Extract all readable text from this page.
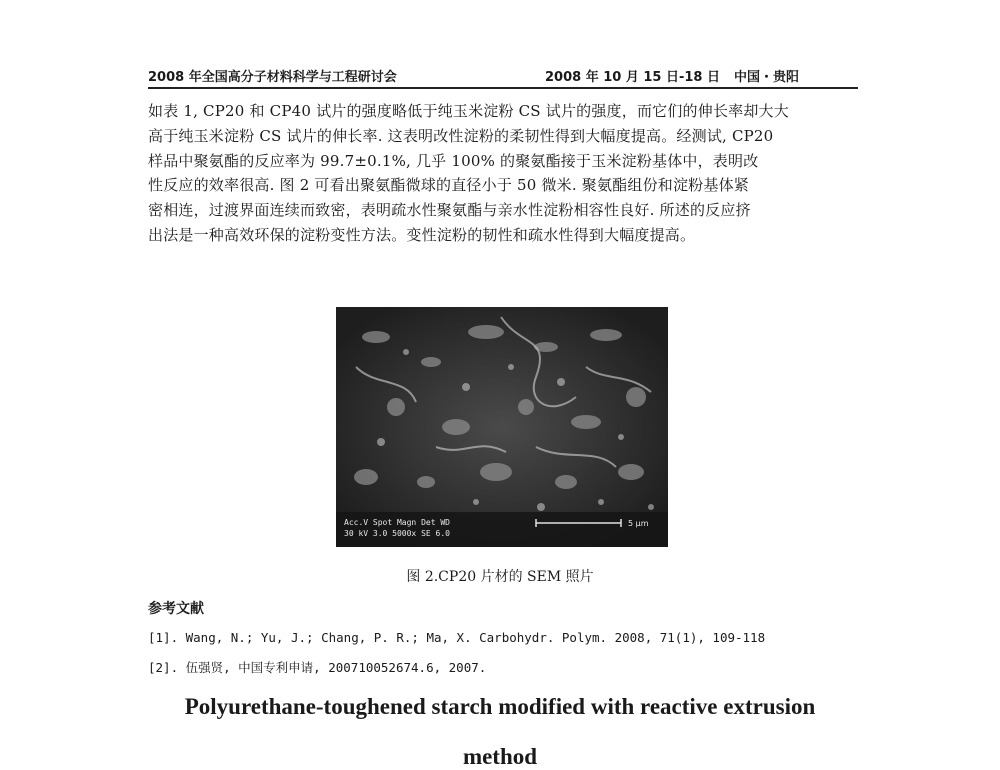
2008 年全国高分子材料科学与工程研讨会	2008 年 10 月 15 日-18 日 中国・贵阳
如表 1, CP20 和 CP40 试片的强度略低于纯玉米淀粉 CS 试片的强度，而它们的伸长率却大大
高于纯玉米淀粉 CS 试片的伸长率. 这表明改性淀粉的柔韧性得到大幅度提高。经测试, CP20
样品中聚氨酯的反应率为 99.7±0.1%, 几乎 100% 的聚氨酯接于玉米淀粉基体中，表明改
性反应的效率很高. 图 2 可看出聚氨酯微球的直径小于 50 微米. 聚氨酯组份和淀粉基体紧
密相连，过渡界面连续而致密，表明疏水性聚氨酯与亲水性淀粉相容性良好. 所述的反应挤
出法是一种高效环保的淀粉变性方法。变性淀粉的韧性和疏水性得到大幅度提高。
Acc.V Spot Magn Det WD
30 kV 3.0 5000x SE 6.0
5 μm
图 2.CP20 片材的 SEM 照片
参考文献
[1]. Wang, N.; Yu, J.; Chang, P. R.; Ma, X. Carbohydr. Polym. 2008, 71(1), 109-118
[2]. 伍强贤, 中国专利申请, 200710052674.6, 2007.
Polyurethane-toughened starch modified with reactive extrusion
method
